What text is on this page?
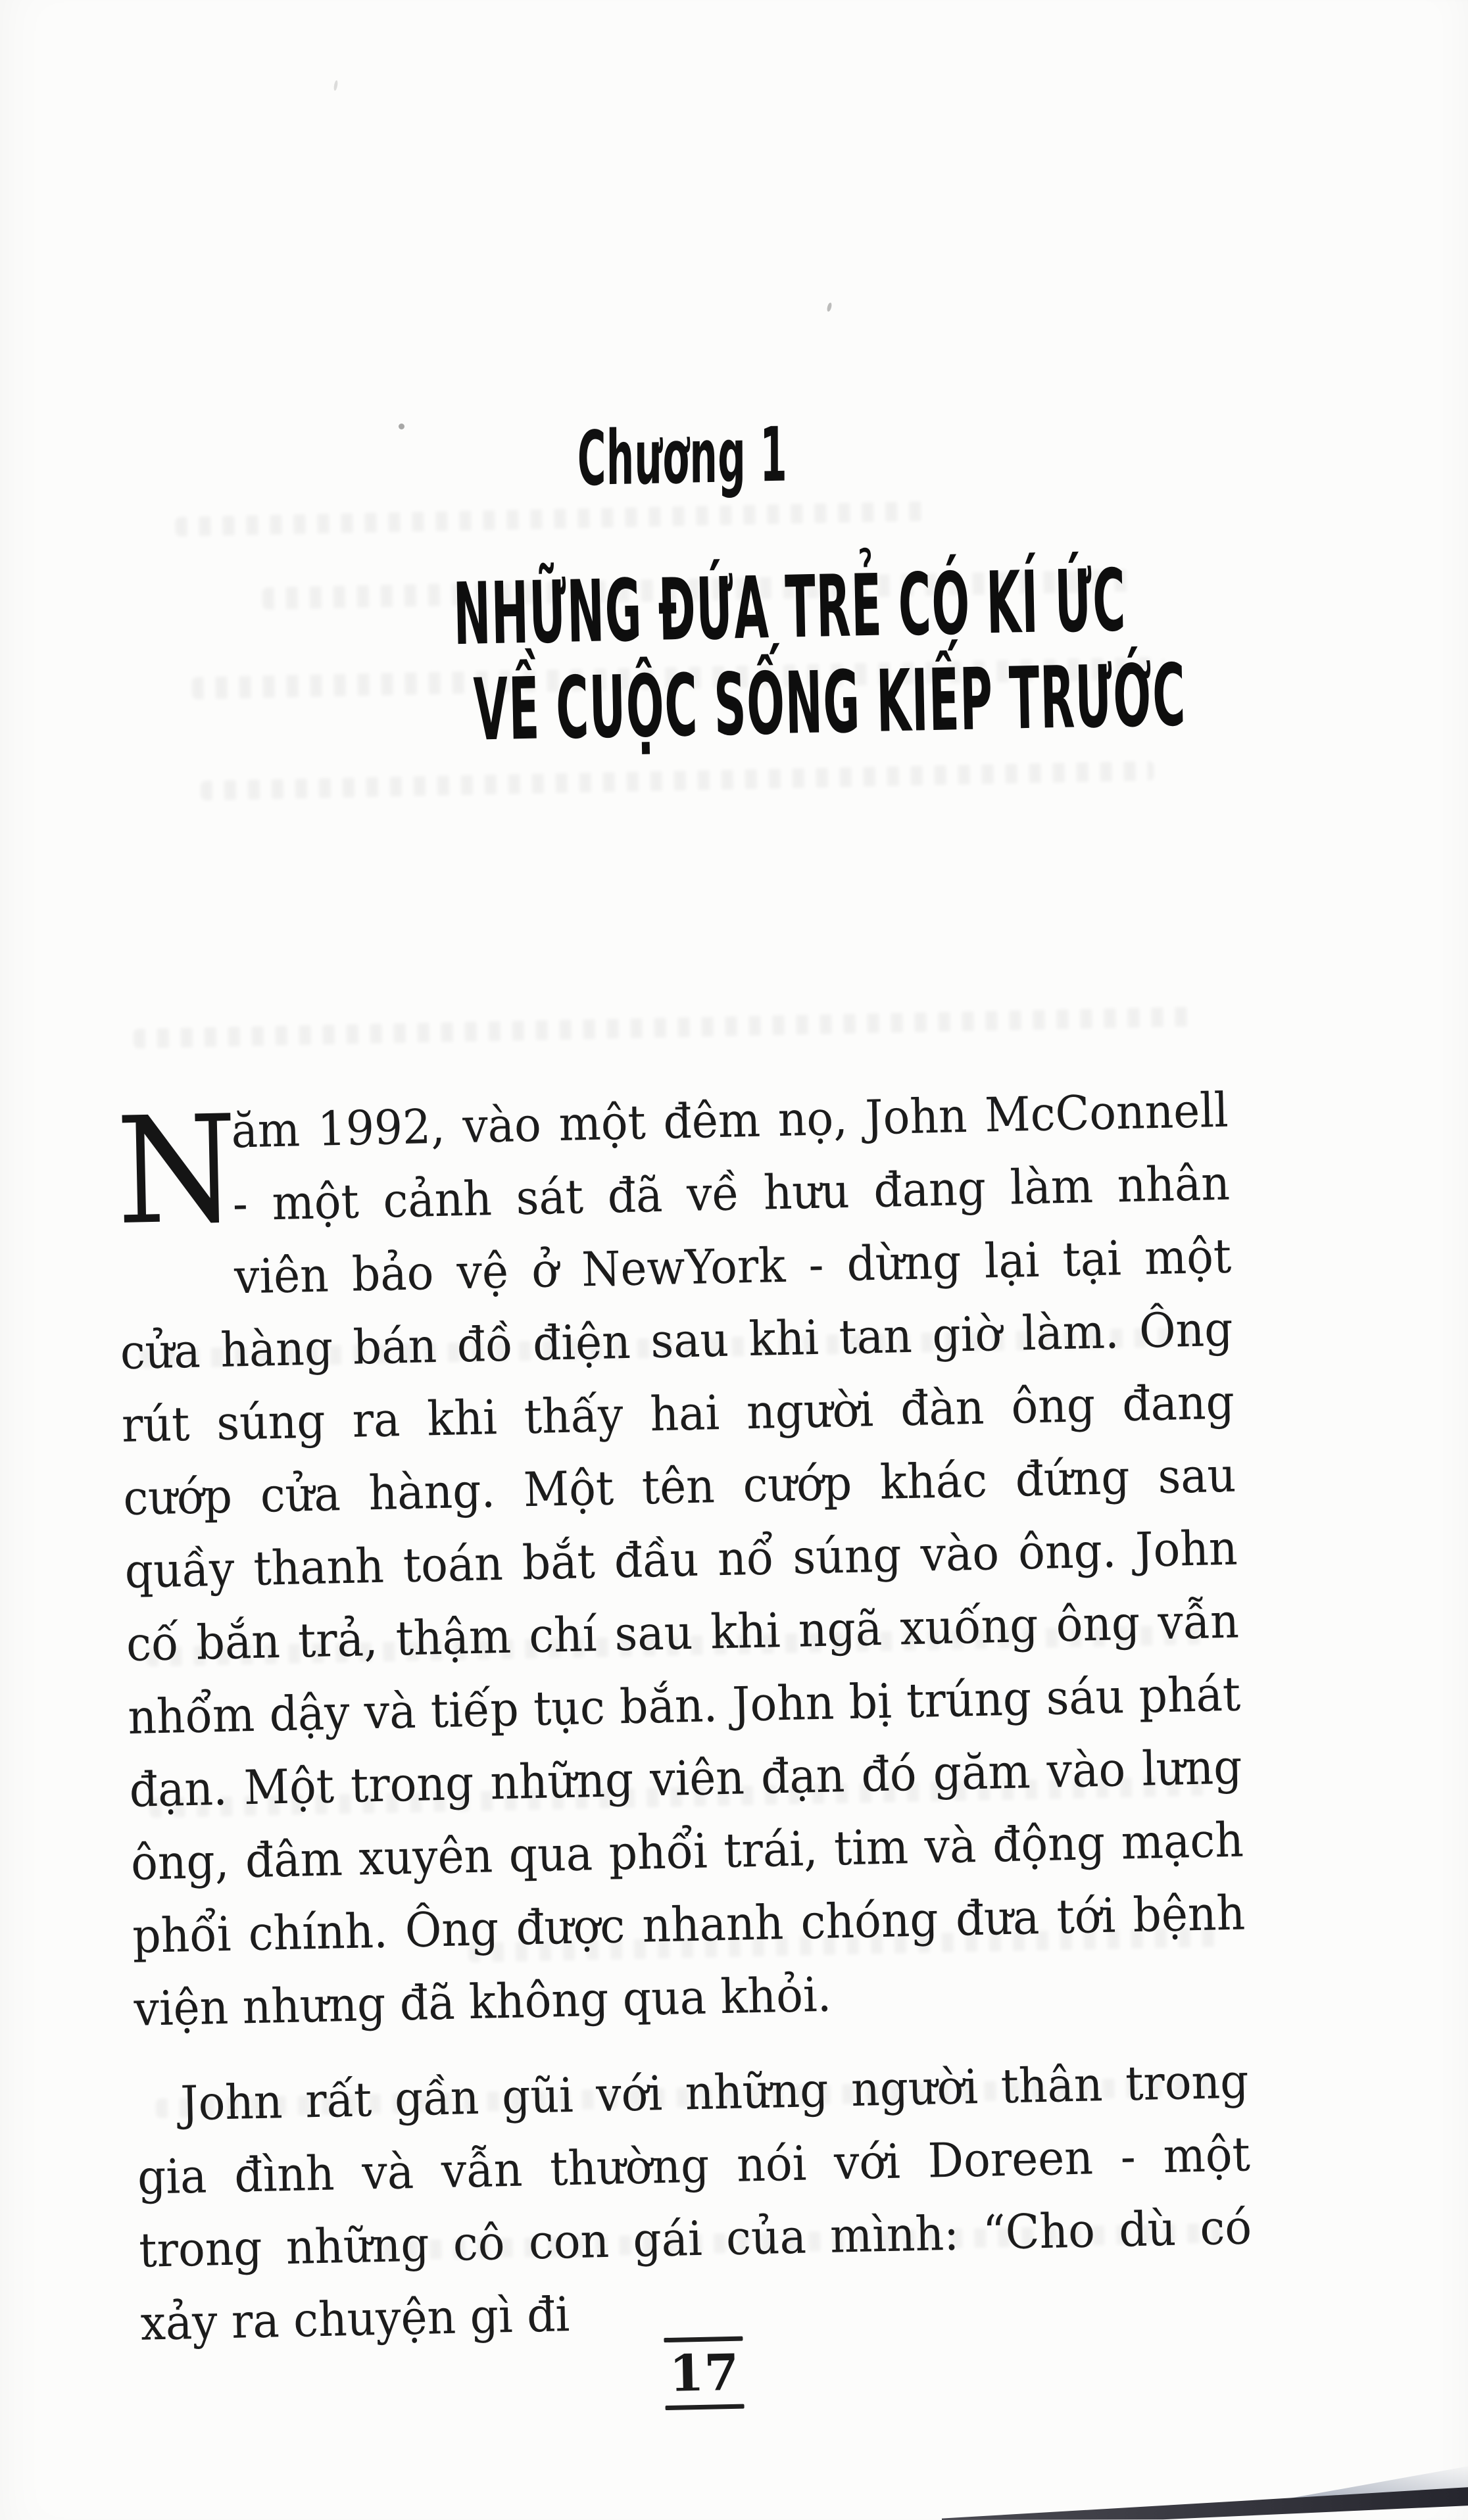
Chương 1
NHỮNG ĐỨA TRẺ CÓ KÍ ỨC
VỀ CUỘC SỐNG KIẾP TRƯỚC

N
ăm 1992, vào một đêm nọ, John McConnell - một cảnh sát đã về hưu đang làm nhân viên bảo vệ ở NewYork - dừng lại tại một cửa hàng bán đồ điện sau khi tan giờ làm. Ông rút súng ra khi thấy hai người đàn ông đang cướp cửa hàng. Một tên cướp khác đứng sau quầy thanh toán bắt đầu nổ súng vào ông. John cố bắn trả, thậm chí sau khi ngã xuống ông vẫn nhổm dậy và tiếp tục bắn. John bị trúng sáu phát đạn. Một trong những viên đạn đó găm vào lưng ông, đâm xuyên qua phổi trái, tim và động mạch phổi chính. Ông được nhanh chóng đưa tới bệnh viện nhưng đã không qua khỏi.

John rất gần gũi với những người thân trong gia đình và vẫn thường nói với Doreen - một trong những cô con gái của mình: “Cho dù có xảy ra chuyện gì đi

17
